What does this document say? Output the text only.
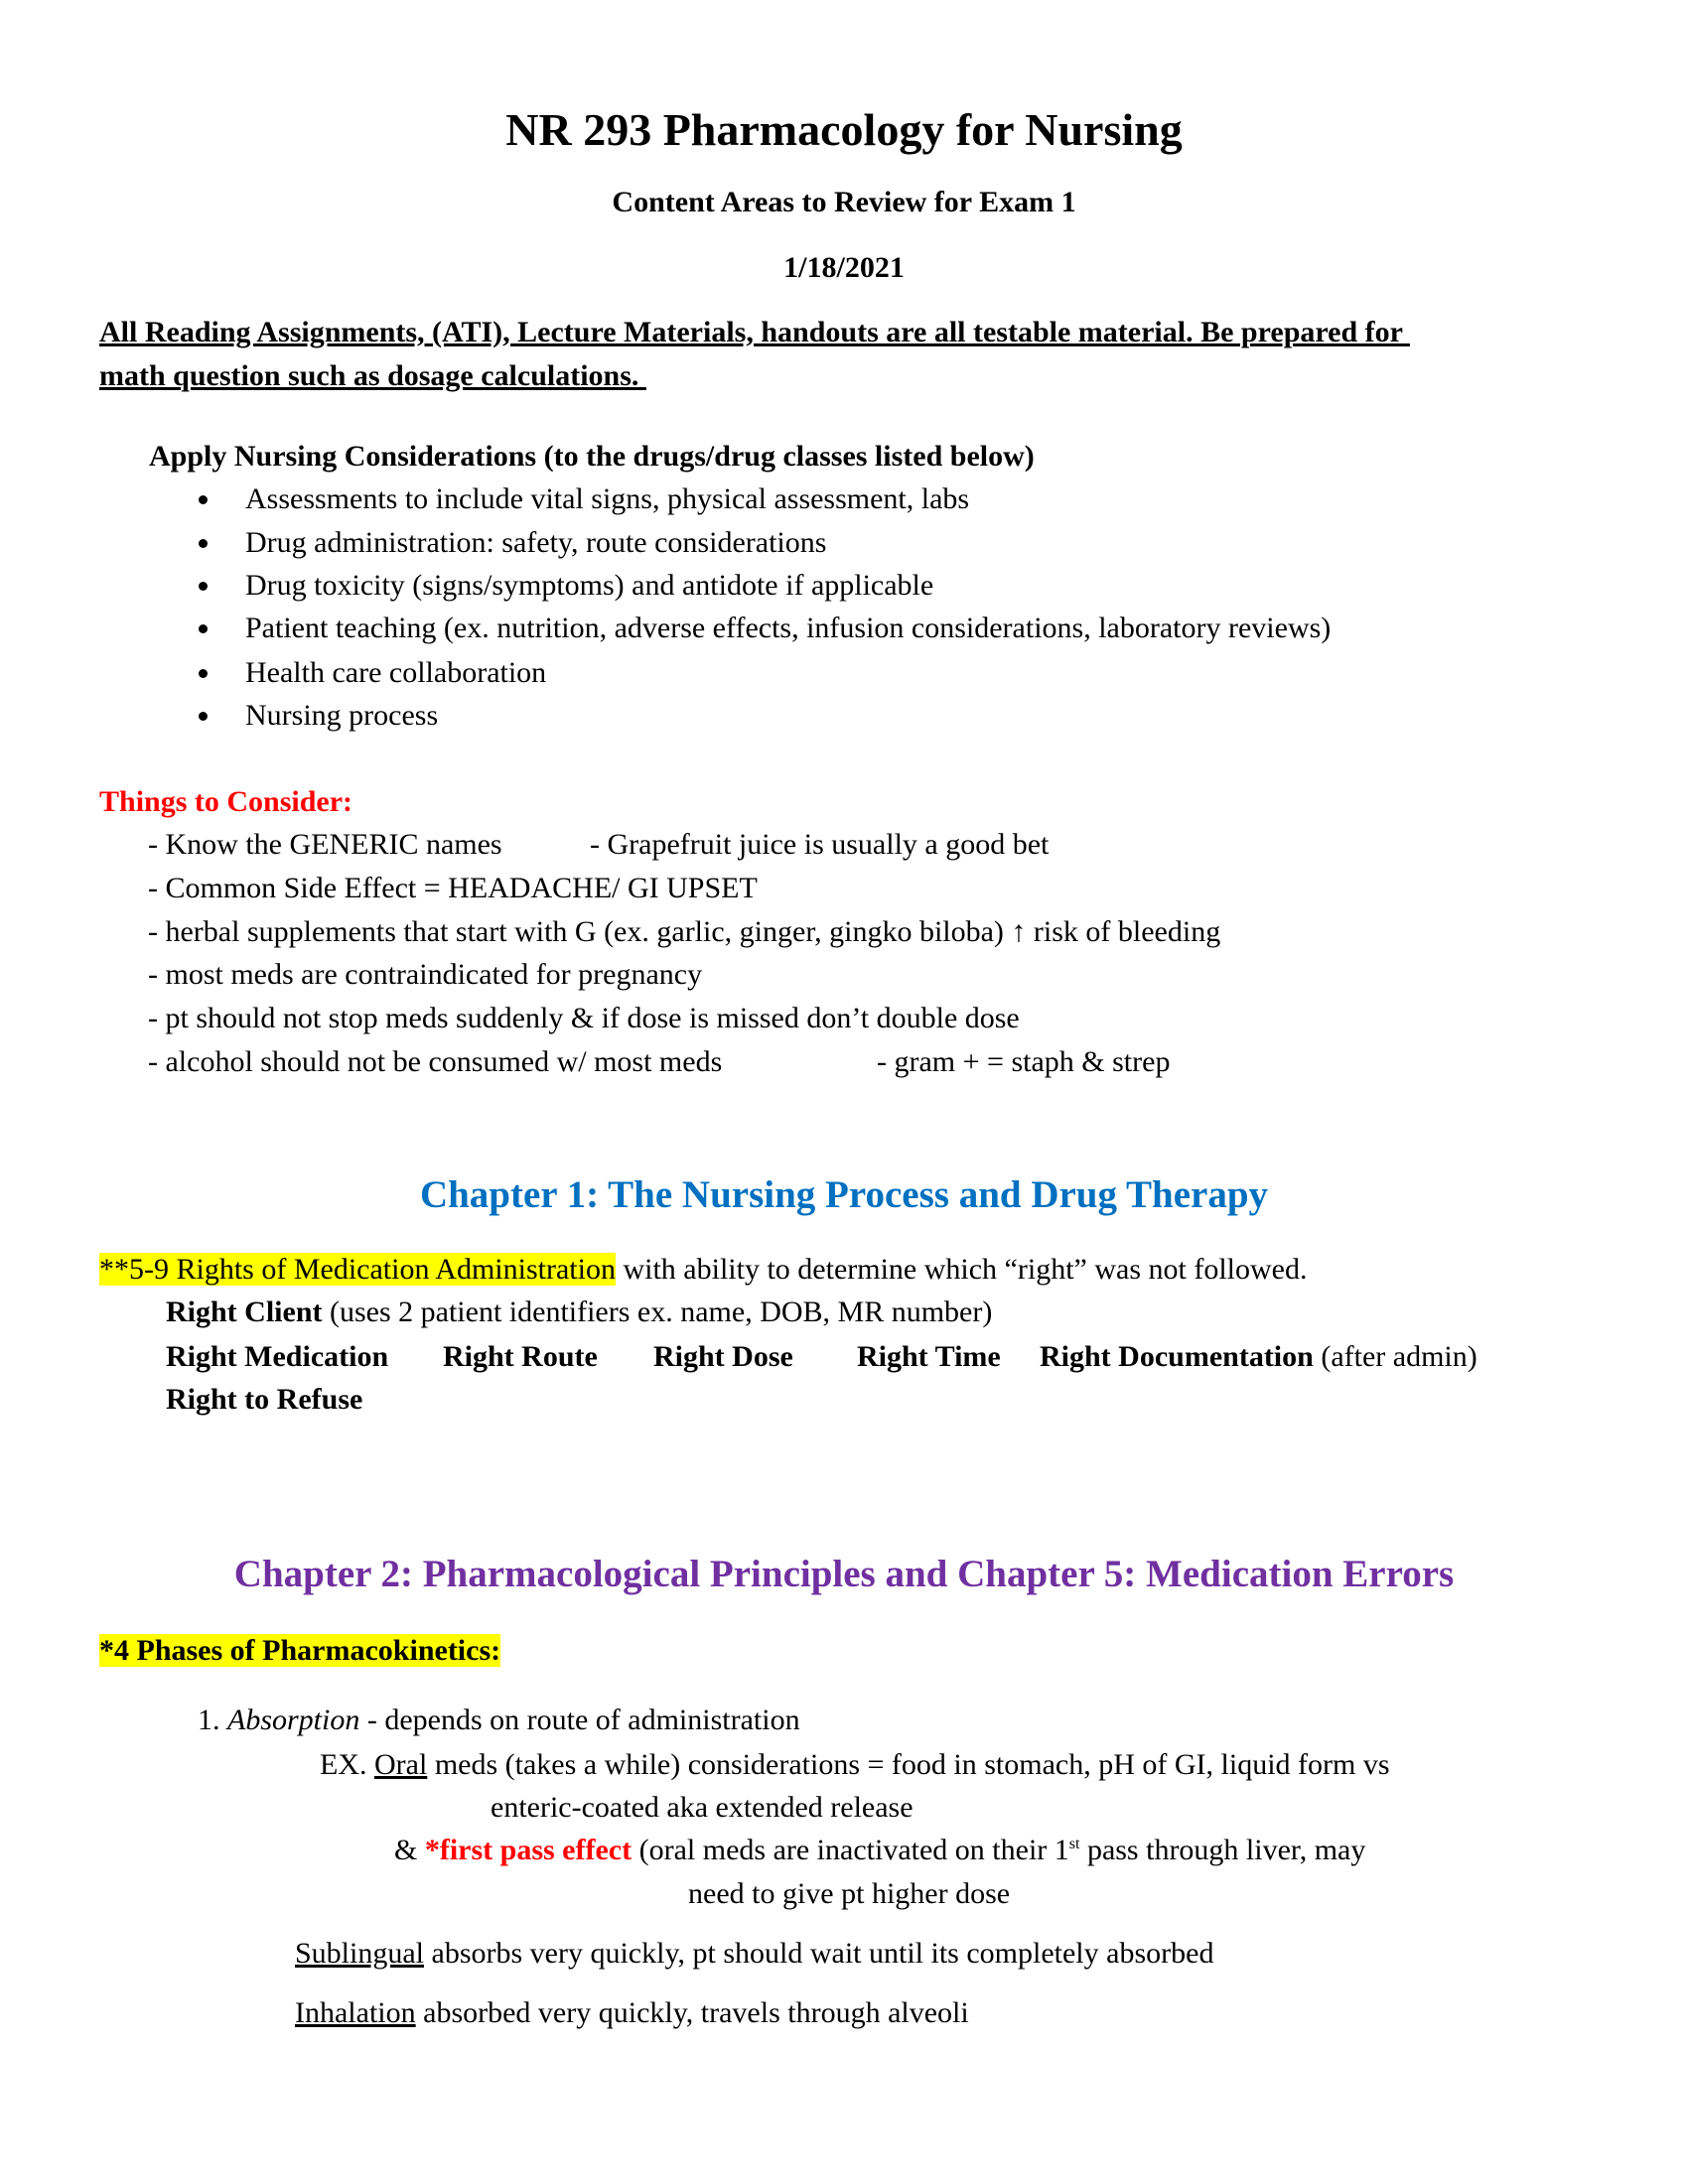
NR 293 Pharmacology for Nursing
Content Areas to Review for Exam 1
1/18/2021
All Reading Assignments, (ATI), Lecture Materials, handouts are all testable material. Be prepared for
math question such as dosage calculations.
Apply Nursing Considerations (to the drugs/drug classes listed below)
Assessments to include vital signs, physical assessment, labs
Drug administration: safety, route considerations
Drug toxicity (signs/symptoms) and antidote if applicable
Patient teaching (ex. nutrition, adverse effects, infusion considerations, laboratory reviews)
Health care collaboration
Nursing process
Things to Consider:
- Know the GENERIC names	- Grapefruit juice is usually a good bet
- Common Side Effect = HEADACHE/ GI UPSET
- herbal supplements that start with G (ex. garlic, ginger, gingko biloba) ↑ risk of bleeding
- most meds are contraindicated for pregnancy
- pt should not stop meds suddenly & if dose is missed don’t double dose
- alcohol should not be consumed w/ most meds	- gram + = staph & strep
Chapter 1: The Nursing Process and Drug Therapy
**5-9 Rights of Medication Administration with ability to determine which “right” was not followed.
Right Client (uses 2 patient identifiers ex. name, DOB, MR number)
Right Medication Right Route Right Dose Right Time Right Documentation (after admin)
Right to Refuse
Chapter 2: Pharmacological Principles and Chapter 5: Medication Errors
*4 Phases of Pharmacokinetics:
1. Absorption - depends on route of administration
EX. Oral meds (takes a while) considerations = food in stomach, pH of GI, liquid form vs
enteric-coated aka extended release
& *first pass effect (oral meds are inactivated on their 1st pass through liver, may
need to give pt higher dose
Sublingual absorbs very quickly, pt should wait until its completely absorbed
Inhalation absorbed very quickly, travels through alveoli
